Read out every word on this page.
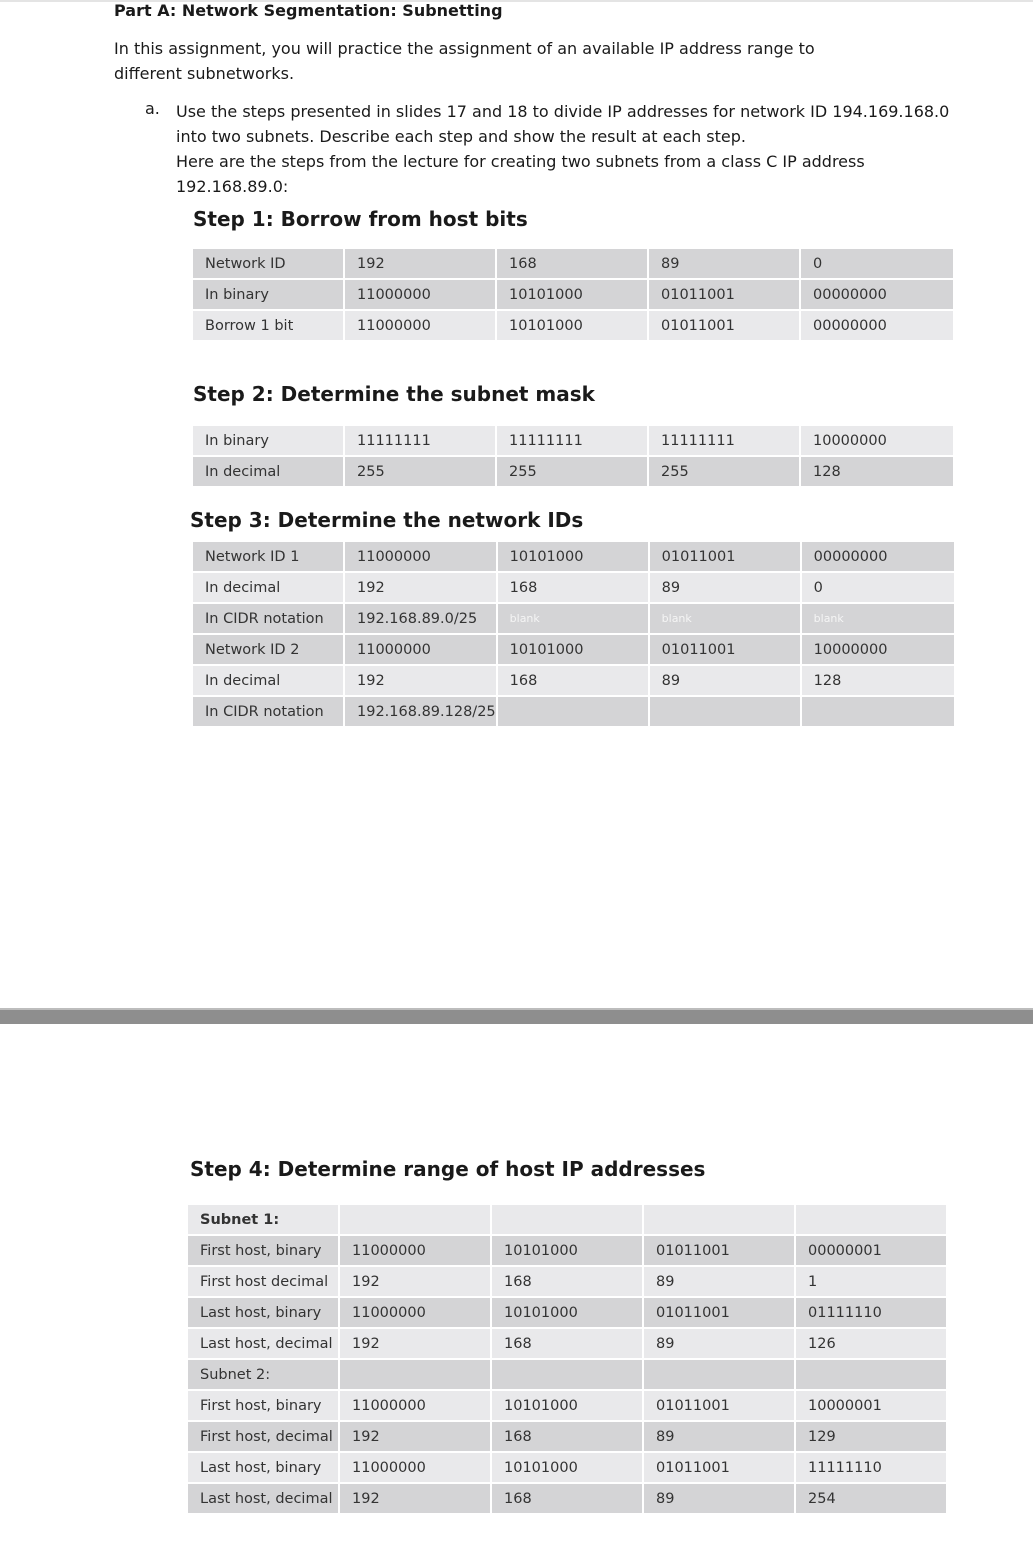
Part A: Network Segmentation: Subnetting
In this assignment, you will practice the assignment of an available IP address range to different subnetworks.
a. Use the steps presented in slides 17 and 18 to divide IP addresses for network ID 194.169.168.0 into two subnets. Describe each step and show the result at each step.
Here are the steps from the lecture for creating two subnets from a class C IP address 192.168.89.0:
Step 1: Borrow from host bits
Network ID	192	168	89	0
In binary	11000000	10101000	01011001	00000000
Borrow 1 bit	11000000	10101000	01011001	00000000
Step 2: Determine the subnet mask
In binary	11111111	11111111	11111111	10000000
In decimal	255	255	255	128
Step 3: Determine the network IDs
Network ID 1	11000000	10101000	01011001	00000000
In decimal	192	168	89	0
In CIDR notation	192.168.89.0/25	blank	blank	blank
Network ID 2	11000000	10101000	01011001	10000000
In decimal	192	168	89	128
In CIDR notation	192.168.89.128/25			
Step 4: Determine range of host IP addresses
Subnet 1:				
First host, binary	11000000	10101000	01011001	00000001
First host decimal	192	168	89	1
Last host, binary	11000000	10101000	01011001	01111110
Last host, decimal	192	168	89	126
Subnet 2:				
First host, binary	11000000	10101000	01011001	10000001
First host, decimal	192	168	89	129
Last host, binary	11000000	10101000	01011001	11111110
Last host, decimal	192	168	89	254
